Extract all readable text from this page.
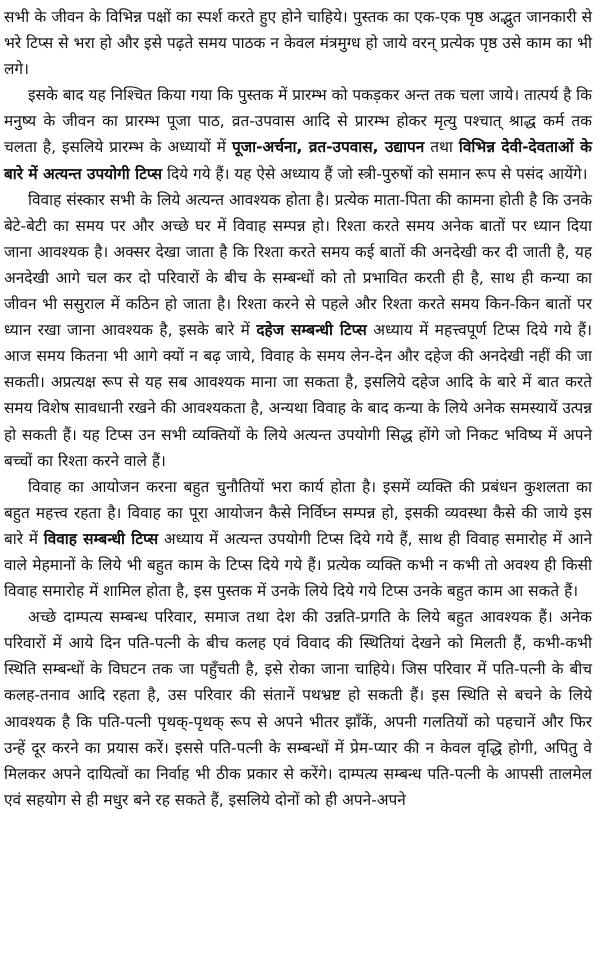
सभी के जीवन के विभिन्न पक्षों का स्पर्श करते हुए होने चाहिये। पुस्तक का एक-एक पृष्ठ अद्भुत जानकारी से भरे टिप्स से भरा हो और इसे पढ़ते समय पाठक न केवल मंत्रमुग्ध हो जाये वरन् प्रत्येक पृष्ठ उसे काम का भी लगे।

इसके बाद यह निश्चित किया गया कि पुस्तक में प्रारम्भ को पकड़कर अन्त तक चला जाये। तात्पर्य है कि मनुष्य के जीवन का प्रारम्भ पूजा पाठ, व्रत-उपवास आदि से प्रारम्भ होकर मृत्यु पश्चात् श्राद्ध कर्म तक चलता है, इसलिये प्रारम्भ के अध्यायों में पूजा-अर्चना, व्रत-उपवास, उद्यापन तथा विभिन्न देवी-देवताओं के बारे में अत्यन्त उपयोगी टिप्स दिये गये हैं। यह ऐसे अध्याय हैं जो स्त्री-पुरुषों को समान रूप से पसंद आयेंगे।

विवाह संस्कार सभी के लिये अत्यन्त आवश्यक होता है। प्रत्येक माता-पिता की कामना होती है कि उनके बेटे-बेटी का समय पर और अच्छे घर में विवाह सम्पन्न हो। रिश्ता करते समय अनेक बातों पर ध्यान दिया जाना आवश्यक है। अक्सर देखा जाता है कि रिश्ता करते समय कई बातों की अनदेखी कर दी जाती है, यह अनदेखी आगे चल कर दो परिवारों के बीच के सम्बन्धों को तो प्रभावित करती ही है, साथ ही कन्या का जीवन भी ससुराल में कठिन हो जाता है। रिश्ता करने से पहले और रिश्ता करते समय किन-किन बातों पर ध्यान रखा जाना आवश्यक है, इसके बारे में दहेज सम्बन्धी टिप्स अध्याय में महत्त्वपूर्ण टिप्स दिये गये हैं। आज समय कितना भी आगे क्यों न बढ़ जाये, विवाह के समय लेन-देन और दहेज की अनदेखी नहीं की जा सकती। अप्रत्यक्ष रूप से यह सब आवश्यक माना जा सकता है, इसलिये दहेज आदि के बारे में बात करते समय विशेष सावधानी रखने की आवश्यकता है, अन्यथा विवाह के बाद कन्या के लिये अनेक समस्यायें उत्पन्न हो सकती हैं। यह टिप्स उन सभी व्यक्तियों के लिये अत्यन्त उपयोगी सिद्ध होंगे जो निकट भविष्य में अपने बच्चों का रिश्ता करने वाले हैं।

विवाह का आयोजन करना बहुत चुनौतियों भरा कार्य होता है। इसमें व्यक्ति की प्रबंधन कुशलता का बहुत महत्त्व रहता है। विवाह का पूरा आयोजन कैसे निर्विघ्न सम्पन्न हो, इसकी व्यवस्था कैसे की जाये इस बारे में विवाह सम्बन्धी टिप्स अध्याय में अत्यन्त उपयोगी टिप्स दिये गये हैं, साथ ही विवाह समारोह में आने वाले मेहमानों के लिये भी बहुत काम के टिप्स दिये गये हैं। प्रत्येक व्यक्ति कभी न कभी तो अवश्य ही किसी विवाह समारोह में शामिल होता है, इस पुस्तक में उनके लिये दिये गये टिप्स उनके बहुत काम आ सकते हैं।

अच्छे दाम्पत्य सम्बन्ध परिवार, समाज तथा देश की उन्नति-प्रगति के लिये बहुत आवश्यक हैं। अनेक परिवारों में आये दिन पति-पत्नी के बीच कलह एवं विवाद की स्थितियां देखने को मिलती हैं, कभी-कभी स्थिति सम्बन्धों के विघटन तक जा पहुँचती है, इसे रोका जाना चाहिये। जिस परिवार में पति-पत्नी के बीच कलह-तनाव आदि रहता है, उस परिवार की संतानें पथभ्रष्ट हो सकती हैं। इस स्थिति से बचने के लिये आवश्यक है कि पति-पत्नी पृथक्-पृथक् रूप से अपने भीतर झाँकें, अपनी गलतियों को पहचानें और फिर उन्हें दूर करने का प्रयास करें। इससे पति-पत्नी के सम्बन्धों में प्रेम-प्यार की न केवल वृद्धि होगी, अपितु वे मिलकर अपने दायित्वों का निर्वाह भी ठीक प्रकार से करेंगे। दाम्पत्य सम्बन्ध पति-पत्नी के आपसी तालमेल एवं सहयोग से ही मधुर बने रह सकते हैं, इसलिये दोनों को ही अपने-अपने
